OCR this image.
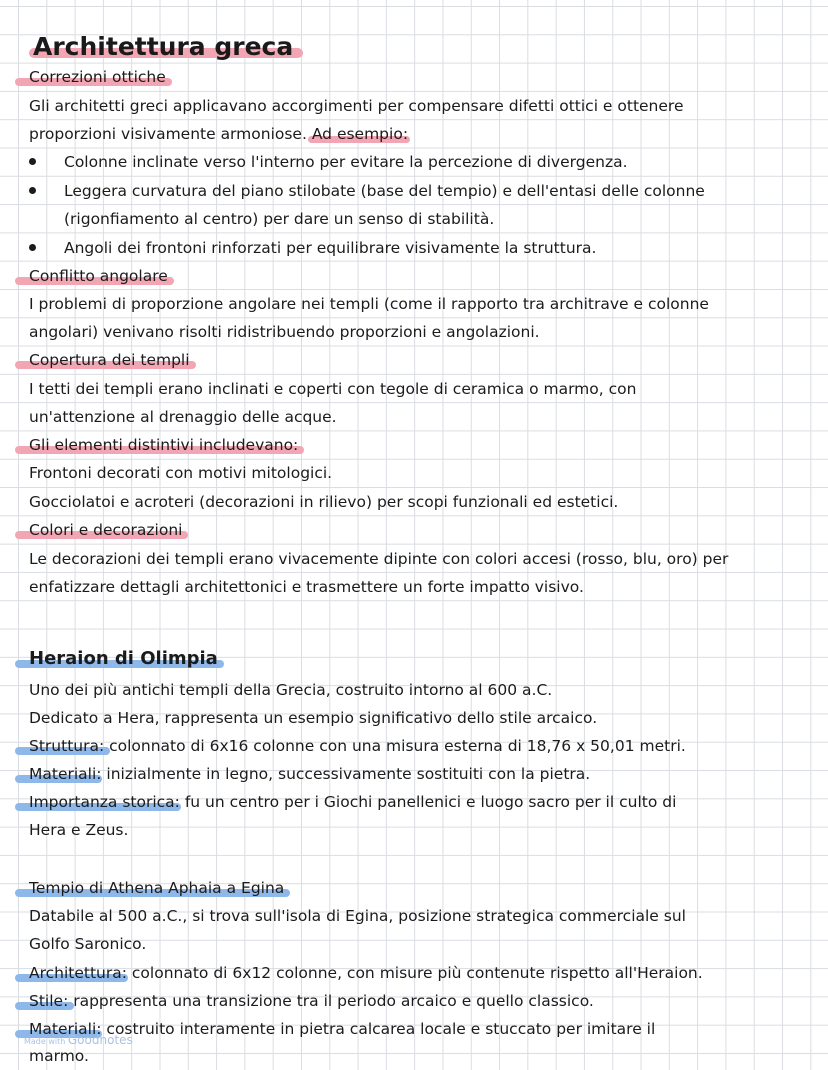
Architettura greca
Correzioni ottiche
Gli architetti greci applicavano accorgimenti per compensare difetti ottici e ottenere
proporzioni visivamente armoniose. Ad esempio:
Colonne inclinate verso l'interno per evitare la percezione di divergenza.
Leggera curvatura del piano stilobate (base del tempio) e dell'entasi delle colonne
(rigonfiamento al centro) per dare un senso di stabilità.
Angoli dei frontoni rinforzati per equilibrare visivamente la struttura.
Conflitto angolare
I problemi di proporzione angolare nei templi (come il rapporto tra architrave e colonne
angolari) venivano risolti ridistribuendo proporzioni e angolazioni.
Copertura dei templi
I tetti dei templi erano inclinati e coperti con tegole di ceramica o marmo, con
un'attenzione al drenaggio delle acque.
Gli elementi distintivi includevano:
Frontoni decorati con motivi mitologici.
Gocciolatoi e acroteri (decorazioni in rilievo) per scopi funzionali ed estetici.
Colori e decorazioni
Le decorazioni dei templi erano vivacemente dipinte con colori accesi (rosso, blu, oro) per
enfatizzare dettagli architettonici e trasmettere un forte impatto visivo.
Heraion di Olimpia
Uno dei più antichi templi della Grecia, costruito intorno al 600 a.C.
Dedicato a Hera, rappresenta un esempio significativo dello stile arcaico.
Struttura: colonnato di 6x16 colonne con una misura esterna di 18,76 x 50,01 metri.
Materiali: inizialmente in legno, successivamente sostituiti con la pietra.
Importanza storica: fu un centro per i Giochi panellenici e luogo sacro per il culto di
Hera e Zeus.
Tempio di Athena Aphaia a Egina
Databile al 500 a.C., si trova sull'isola di Egina, posizione strategica commerciale sul
Golfo Saronico.
Architettura: colonnato di 6x12 colonne, con misure più contenute rispetto all'Heraion.
Stile: rappresenta una transizione tra il periodo arcaico e quello classico.
Materiali: costruito interamente in pietra calcarea locale e stuccato per imitare il
marmo.
Made with Goodnotes
